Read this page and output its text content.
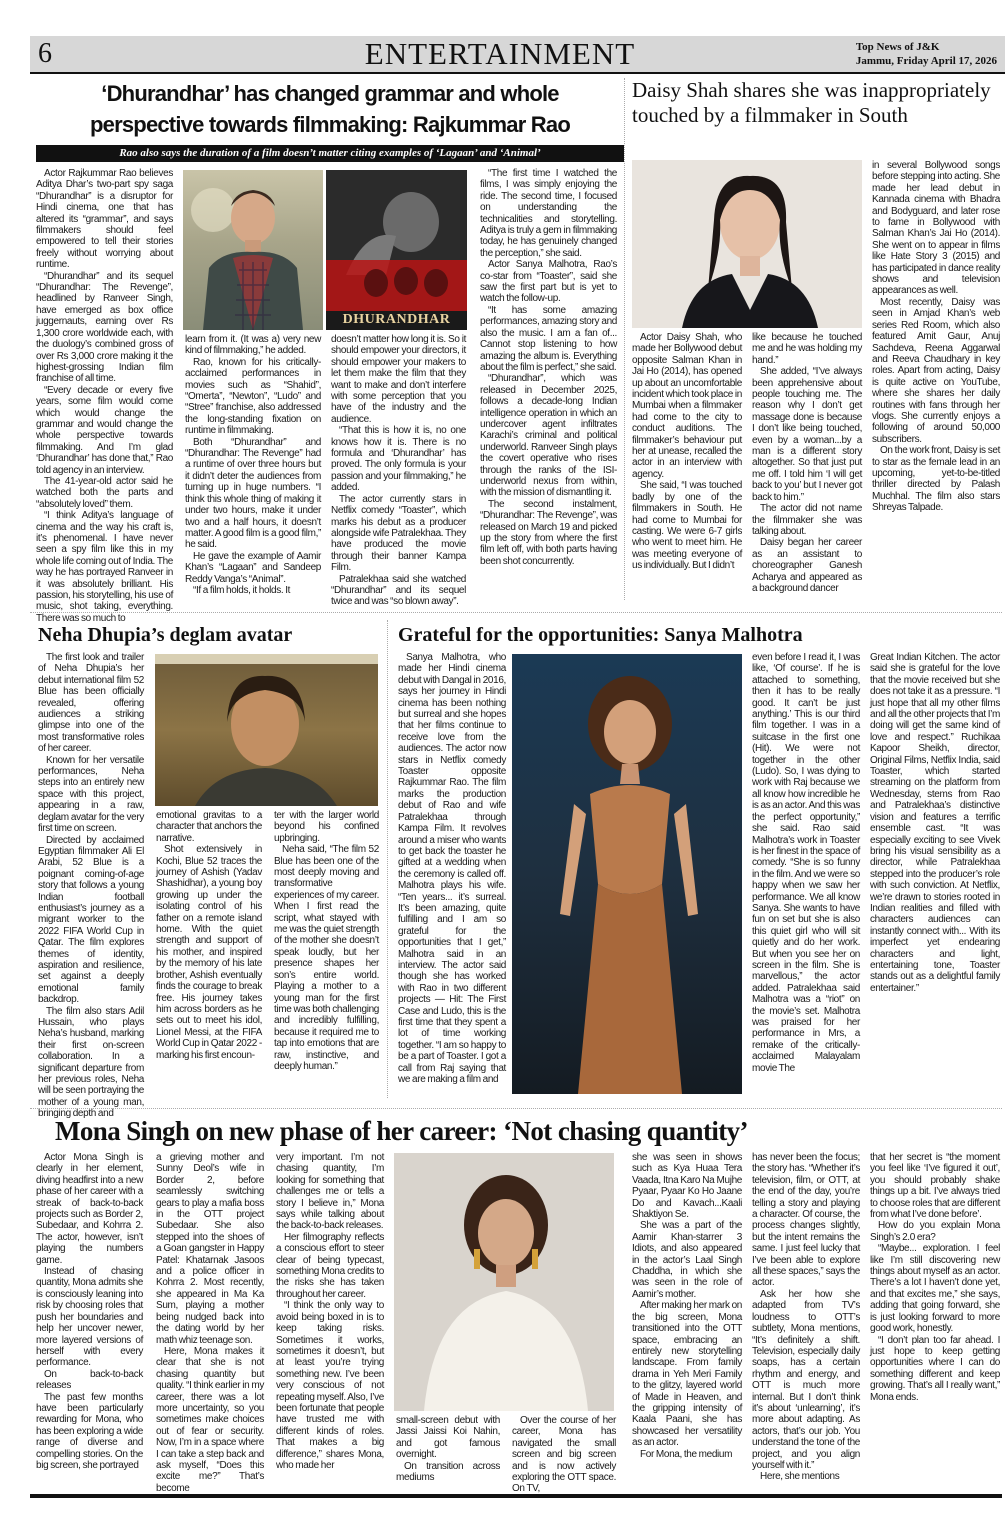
6	ENTERTAINMENT	Top News of J&K
Jammu, Friday April 17, 2026
‘Dhurandhar’ has changed grammar and whole
perspective towards filmmaking: Rajkummar Rao
Rao also says the duration of a film doesn’t matter citing examples of ‘Lagaan’ and ‘Animal’

Actor Rajkummar Rao believes Aditya Dhar’s two-part spy saga “Dhurandhar” is a disruptor for Hindi cinema, one that has altered its “grammar”, and says filmmakers should feel empowered to tell their stories freely without worrying about runtime.

“Dhurandhar” and its sequel “Dhurandhar: The Revenge”, headlined by Ranveer Singh, have emerged as box office juggernauts, earning over Rs 1,300 crore worldwide each, with the duology’s combined gross of over Rs 3,000 crore making it the highest-grossing Indian film franchise of all time.

“Every decade or every five years, some film would come which would change the grammar and would change the whole perspective towards filmmaking. And I’m glad ‘Dhurandhar’ has done that,” Rao told agency in an interview.

The 41-year-old actor said he watched both the parts and “absolutely loved” them.

“I think Aditya’s language of cinema and the way his craft is, it’s phenomenal. I have never seen a spy film like this in my whole life coming out of India. The way he has portrayed Ranveer in it was absolutely brilliant. His passion, his storytelling, his use of music, shot taking, everything. There was so much to

DHURANDHAR

learn from it. (It was a) very new kind of filmmaking,” he added.

Rao, known for his critically-acclaimed performances in movies such as “Shahid”, “Omerta”, “Newton”, “Ludo” and “Stree” franchise, also addressed the long-standing fixation on runtime in filmmaking.

Both “Dhurandhar” and “Dhurandhar: The Revenge” had a runtime of over three hours but it didn’t deter the audiences from turning up in huge numbers. “I think this whole thing of making it under two hours, make it under two and a half hours, it doesn’t matter. A good film is a good film,” he said.

He gave the example of Aamir Khan’s “Lagaan” and Sandeep Reddy Vanga’s “Animal”.

“If a film holds, it holds. It

doesn’t matter how long it is. So it should empower your directors, it should empower your makers to let them make the film that they want to make and don’t interfere with some perception that you have of the industry and the audience.

“That this is how it is, no one knows how it is. There is no formula and ‘Dhurandhar’ has proved. The only formula is your passion and your filmmaking,” he added.

The actor currently stars in Netflix comedy “Toaster”, which marks his debut as a producer alongside wife Patralekhaa. They have produced the movie through their banner Kampa Film.

Patralekhaa said she watched “Dhurandhar” and its sequel twice and was “so blown away”.

“The first time I watched the films, I was simply enjoying the ride. The second time, I focused on understanding the technicalities and storytelling. Aditya is truly a gem in filmmaking today, he has genuinely changed the perception,” she said.

Actor Sanya Malhotra, Rao’s co-star from “Toaster”, said she saw the first part but is yet to watch the follow-up.

“It has some amazing performances, amazing story and also the music. I am a fan of... Cannot stop listening to how amazing the album is. Everything about the film is perfect,” she said.

“Dhurandhar”, which was released in December 2025, follows a decade-long Indian intelligence operation in which an undercover agent infiltrates Karachi’s criminal and political underworld. Ranveer Singh plays the covert operative who rises through the ranks of the ISI-underworld nexus from within, with the mission of dismantling it.

The second instalment, “Dhurandhar: The Revenge”, was released on March 19 and picked up the story from where the first film left off, with both parts having been shot concurrently.

Daisy Shah shares she was inappropriately touched by a filmmaker in South

Actor Daisy Shah, who made her Bollywood debut opposite Salman Khan in Jai Ho (2014), has opened up about an uncomfortable incident which took place in Mumbai when a filmmaker had come to the city to conduct auditions. The filmmaker’s behaviour put her at unease, recalled the actor in an interview with agency.

She said, “I was touched badly by one of the filmmakers in South. He had come to Mumbai for casting. We were 6-7 girls who went to meet him. He was meeting everyone of us individually. But I didn’t

like because he touched me and he was holding my hand.”

She added, “I’ve always been apprehensive about people touching me. The reason why I don’t get massage done is because I don’t like being touched, even by a woman...by a man is a different story altogether. So that just put me off. I told him ‘I will get back to you’ but I never got back to him.”

The actor did not name the filmmaker she was talking about.

Daisy began her career as an assistant to choreographer Ganesh Acharya and appeared as a background dancer

in several Bollywood songs before stepping into acting. She made her lead debut in Kannada cinema with Bhadra and Bodyguard, and later rose to fame in Bollywood with Salman Khan’s Jai Ho (2014). She went on to appear in films like Hate Story 3 (2015) and has participated in dance reality shows and television appearances as well.

Most recently, Daisy was seen in Amjad Khan’s web series Red Room, which also featured Amit Gaur, Anuj Sachdeva, Reena Aggarwal and Reeva Chaudhary in key roles. Apart from acting, Daisy is quite active on YouTube, where she shares her daily routines with fans through her vlogs. She currently enjoys a following of around 50,000 subscribers.

On the work front, Daisy is set to star as the female lead in an upcoming, yet-to-be-titled thriller directed by Palash Muchhal. The film also stars Shreyas Talpade.

Neha Dhupia’s deglam avatar

The first look and trailer of Neha Dhupia’s her debut international film 52 Blue has been officially revealed, offering audiences a striking glimpse into one of the most transformative roles of her career.

Known for her versatile performances, Neha steps into an entirely new space with this project, appearing in a raw, deglam avatar for the very first time on screen.

Directed by acclaimed Egyptian filmmaker Ali El Arabi, 52 Blue is a poignant coming-of-age story that follows a young Indian football enthusiast’s journey as a migrant worker to the 2022 FIFA World Cup in Qatar. The film explores themes of identity, aspiration and resilience, set against a deeply emotional family backdrop.

The film also stars Adil Hussain, who plays Neha’s husband, marking their first on-screen collaboration. In a significant departure from her previous roles, Neha will be seen portraying the mother of a young man, bringing depth and

emotional gravitas to a character that anchors the narrative.

Shot extensively in Kochi, Blue 52 traces the journey of Ashish (Yadav Shashidhar), a young boy growing up under the isolating control of his father on a remote island home. With the quiet strength and support of his mother, and inspired by the memory of his late brother, Ashish eventually finds the courage to break free. His journey takes him across borders as he sets out to meet his idol, Lionel Messi, at the FIFA World Cup in Qatar 2022 - marking his first encoun-

ter with the larger world beyond his confined upbringing.

Neha said, “The film 52 Blue has been one of the most deeply moving and transformative experiences of my career. When I first read the script, what stayed with me was the quiet strength of the mother she doesn’t speak loudly, but her presence shapes her son’s entire world. Playing a mother to a young man for the first time was both challenging and incredibly fulfilling, because it required me to tap into emotions that are raw, instinctive, and deeply human.”

Grateful for the opportunities: Sanya Malhotra

Sanya Malhotra, who made her Hindi cinema debut with Dangal in 2016, says her journey in Hindi cinema has been nothing but surreal and she hopes that her films continue to receive love from the audiences. The actor now stars in Netflix comedy Toaster opposite Rajkummar Rao. The film marks the production debut of Rao and wife Patralekhaa through Kampa Film. It revolves around a miser who wants to get back the toaster he gifted at a wedding when the ceremony is called off. Malhotra plays his wife. “Ten years... it’s surreal. It’s been amazing, quite fulfilling and I am so grateful for the opportunities that I get,” Malhotra said in an interview. The actor said though she has worked with Rao in two different projects — Hit: The First Case and Ludo, this is the first time that they spent a lot of time working together. “I am so happy to be a part of Toaster. I got a call from Raj saying that we are making a film and

even before I read it, I was like, ‘Of course’. If he is attached to something, then it has to be really good. It can’t be just anything.’ This is our third film together. I was in a suitcase in the first one (Hit). We were not together in the other (Ludo). So, I was dying to work with Raj because we all know how incredible he is as an actor. And this was the perfect opportunity,” she said. Rao said Malhotra’s work in Toaster is her finest in the space of comedy. “She is so funny in the film. And we were so happy when we saw her performance. We all know Sanya. She wants to have fun on set but she is also this quiet girl who will sit quietly and do her work. But when you see her on screen in the film. She is marvellous,” the actor added. Patralekhaa said Malhotra was a “riot” on the movie’s set. Malhotra was praised for her performance in Mrs, a remake of the critically-acclaimed Malayalam movie The

Great Indian Kitchen. The actor said she is grateful for the love that the movie received but she does not take it as a pressure. “I just hope that all my other films and all the other projects that I’m doing will get the same kind of love and respect.” Ruchikaa Kapoor Sheikh, director, Original Films, Netflix India, said Toaster, which started streaming on the platform from Wednesday, stems from Rao and Patralekhaa’s distinctive vision and features a terrific ensemble cast. “It was especially exciting to see Vivek bring his visual sensibility as a director, while Patralekhaa stepped into the producer’s role with such conviction. At Netflix, we’re drawn to stories rooted in Indian realities and filled with characters audiences can instantly connect with... With its imperfect yet endearing characters and light, entertaining tone, Toaster stands out as a delightful family entertainer.”

Mona Singh on new phase of her career: ‘Not chasing quantity’

Actor Mona Singh is clearly in her element, diving headfirst into a new phase of her career with a streak of back-to-back projects such as Border 2, Subedaar, and Kohrra 2. The actor, however, isn’t playing the numbers game.

Instead of chasing quantity, Mona admits she is consciously leaning into risk by choosing roles that push her boundaries and help her uncover newer, more layered versions of herself with every performance.

On back-to-back releases

The past few months have been particularly rewarding for Mona, who has been exploring a wide range of diverse and compelling stories. On the big screen, she portrayed

a grieving mother and Sunny Deol’s wife in Border 2, before seamlessly switching gears to play a mafia boss in the OTT project Subedaar. She also stepped into the shoes of a Goan gangster in Happy Patel: Khatarnak Jasoos and a police officer in Kohrra 2. Most recently, she appeared in Ma Ka Sum, playing a mother being nudged back into the dating world by her math whiz teenage son.

Here, Mona makes it clear that she is not chasing quantity but quality. “I think earlier in my career, there was a lot more uncertainty, so you sometimes make choices out of fear or security. Now, I’m in a space where I can take a step back and ask myself, “Does this excite me?” That’s become

very important. I’m not chasing quantity, I’m looking for something that challenges me or tells a story I believe in,” Mona says while talking about the back-to-back releases.

Her filmography reflects a conscious effort to steer clear of being typecast, something Mona credits to the risks she has taken throughout her career.

“I think the only way to avoid being boxed in is to keep taking risks. Sometimes it works, sometimes it doesn’t, but at least you’re trying something new. I’ve been very conscious of not repeating myself. Also, I’ve been fortunate that people have trusted me with different kinds of roles. That makes a big difference,” shares Mona, who made her

small-screen debut with Jassi Jaissi Koi Nahin, and got famous overnight.

On transition across mediums

Over the course of her career, Mona has navigated the small screen and big screen and is now actively exploring the OTT space. On TV,

she was seen in shows such as Kya Huaa Tera Vaada, Itna Karo Na Mujhe Pyaar, Pyaar Ko Ho Jaane Do and Kavach...Kaali Shaktiyon Se.

She was a part of the Aamir Khan-starrer 3 Idiots, and also appeared in the actor’s Laal Singh Chaddha, in which she was seen in the role of Aamir’s mother.

After making her mark on the big screen, Mona transitioned into the OTT space, embracing an entirely new storytelling landscape. From family drama in Yeh Meri Family to the glitzy, layered world of Made in Heaven, and the gripping intensity of Kaala Paani, she has showcased her versatility as an actor.

For Mona, the medium

has never been the focus; the story has. “Whether it’s television, film, or OTT, at the end of the day, you’re telling a story and playing a character. Of course, the process changes slightly, but the intent remains the same. I just feel lucky that I’ve been able to explore all these spaces,” says the actor.

Ask her how she adapted from TV’s loudness to OTT’s subtlety, Mona mentions, “It’s definitely a shift. Television, especially daily soaps, has a certain rhythm and energy, and OTT is much more internal. But I don’t think it’s about ‘unlearning’, it’s more about adapting. As actors, that’s our job. You understand the tone of the project, and you align yourself with it.”

Here, she mentions

that her secret is “the moment you feel like ‘I’ve figured it out’, you should probably shake things up a bit. I’ve always tried to choose roles that are different from what I’ve done before’.

How do you explain Mona Singh’s 2.0 era?

“Maybe... exploration. I feel like I’m still discovering new things about myself as an actor. There’s a lot I haven’t done yet, and that excites me,” she says, adding that going forward, she is just looking forward to more good work, honestly.

“I don’t plan too far ahead. I just hope to keep getting opportunities where I can do something different and keep growing. That’s all I really want,” Mona ends.
